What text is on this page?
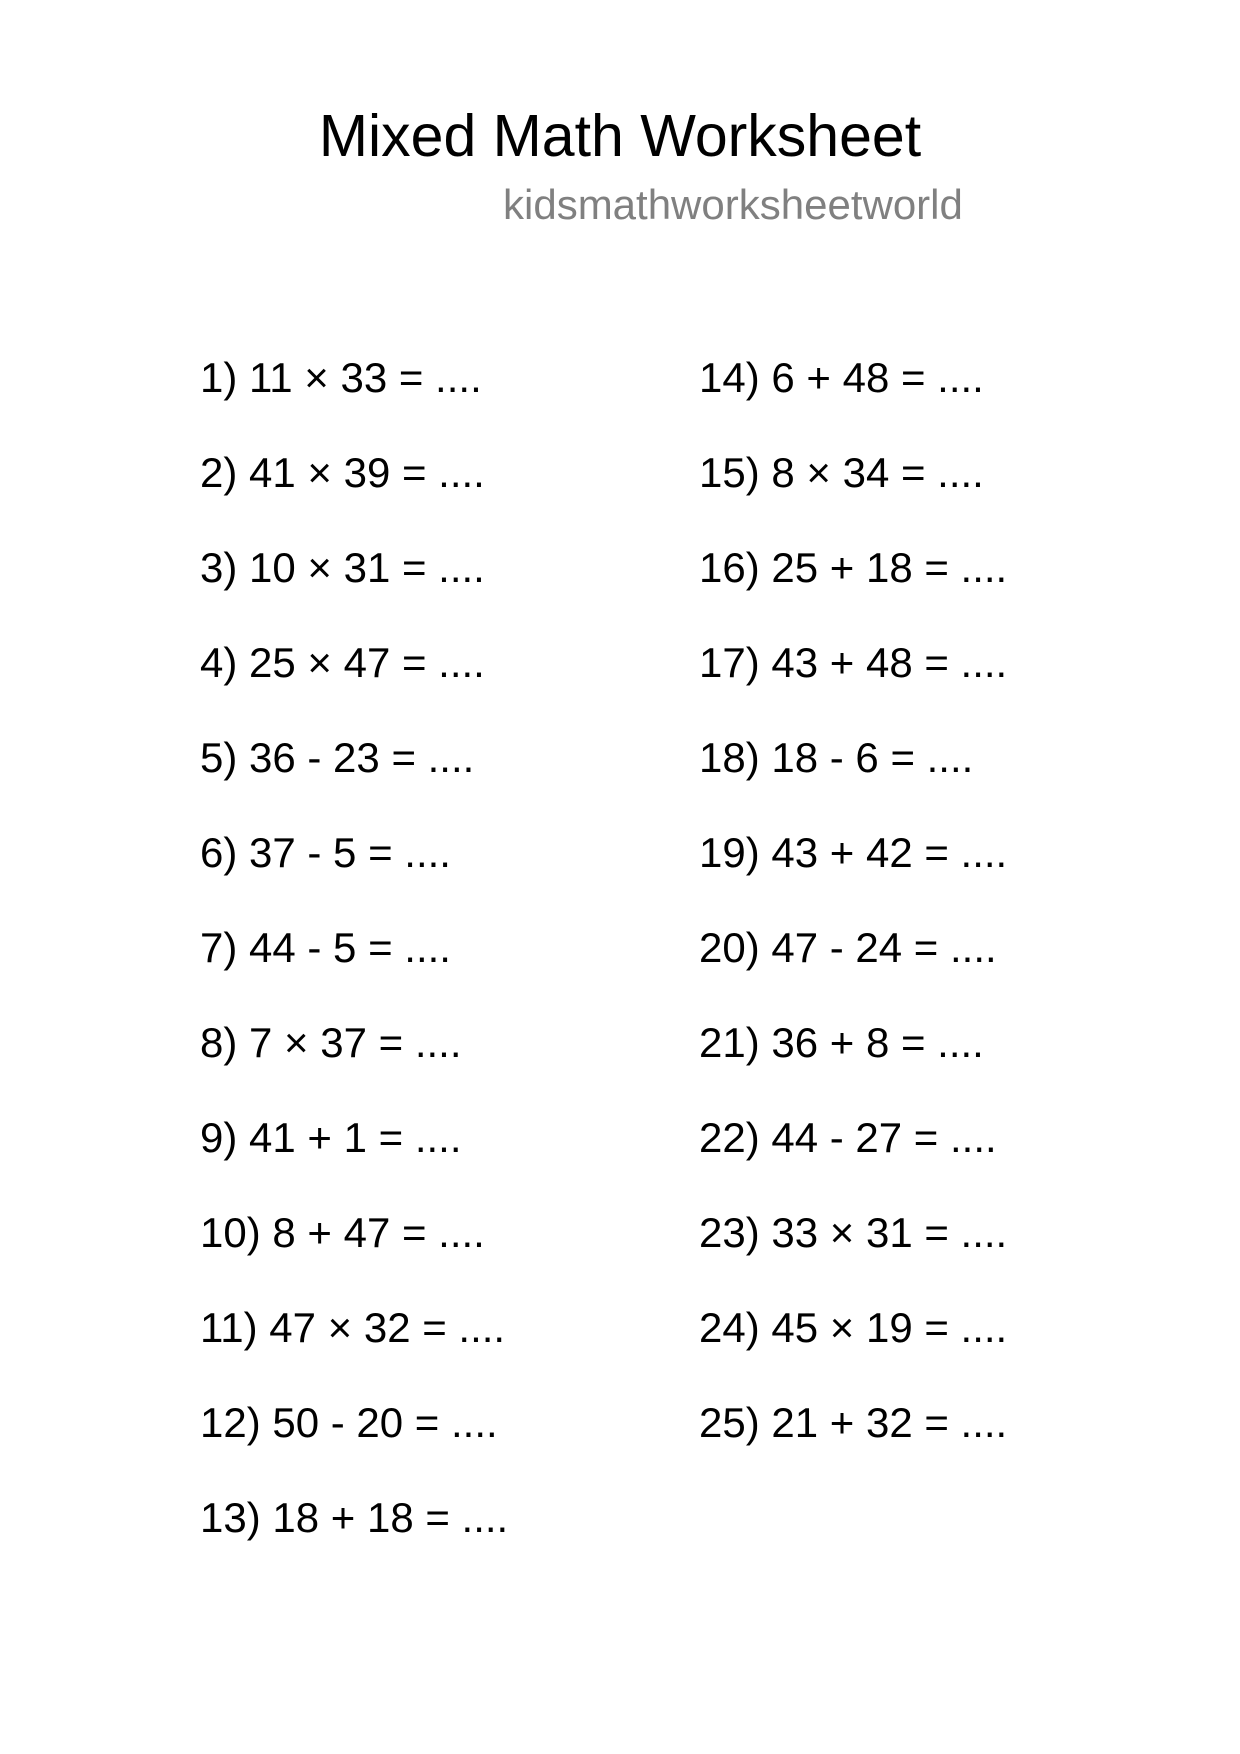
Mixed Math Worksheet
kidsmathworksheetworld
1) 11 × 33 = ....
2) 41 × 39 = ....
3) 10 × 31 = ....
4) 25 × 47 = ....
5) 36 - 23 = ....
6) 37 - 5 = ....
7) 44 - 5 = ....
8) 7 × 37 = ....
9) 41 + 1 = ....
10) 8 + 47 = ....
11) 47 × 32 = ....
12) 50 - 20 = ....
13) 18 + 18 = ....
14) 6 + 48 = ....
15) 8 × 34 = ....
16) 25 + 18 = ....
17) 43 + 48 = ....
18) 18 - 6 = ....
19) 43 + 42 = ....
20) 47 - 24 = ....
21) 36 + 8 = ....
22) 44 - 27 = ....
23) 33 × 31 = ....
24) 45 × 19 = ....
25) 21 + 32 = ....
